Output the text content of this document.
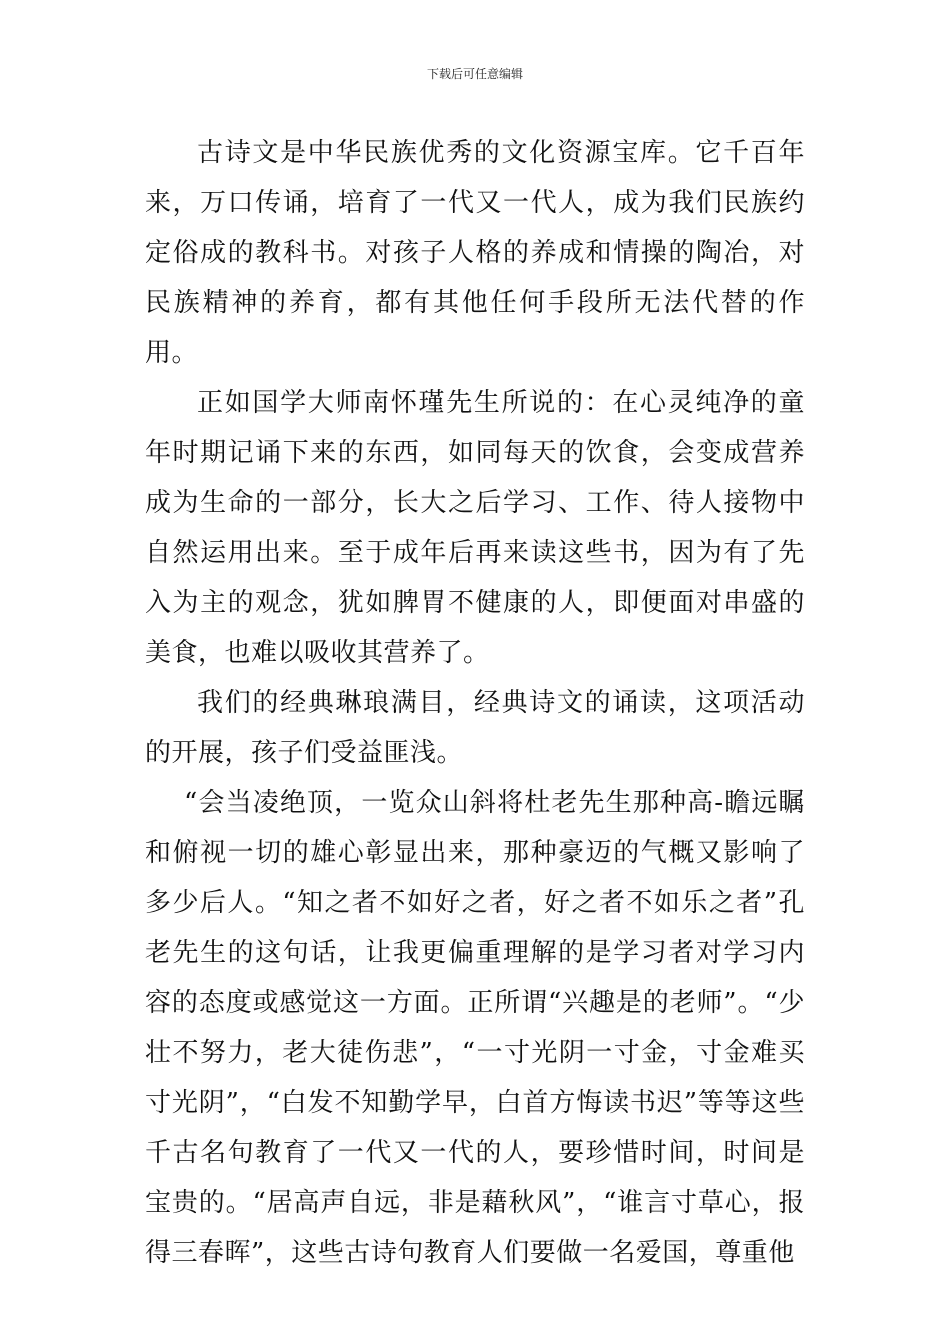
下载后可任意编辑

古诗文是中华民族优秀的文化资源宝库。它千百年来，万口传诵，培育了一代又一代人，成为我们民族约定俗成的教科书。对孩子人格的养成和情操的陶冶，对民族精神的养育，都有其他任何手段所无法代替的作用。

正如国学大师南怀瑾先生所说的：在心灵纯净的童年时期记诵下来的东西，如同每天的饮食，会变成营养成为生命的一部分，长大之后学习、工作、待人接物中自然运用出来。至于成年后再来读这些书，因为有了先入为主的观念，犹如脾胃不健康的人，即便面对串盛的美食，也难以吸收其营养了。

我们的经典琳琅满目，经典诗文的诵读，这项活动的开展，孩子们受益匪浅。

“会当凌绝顶，一览众山斜将杜老先生那种高-瞻远瞩和俯视一切的雄心彰显出来，那种豪迈的气概又影响了多少后人。“知之者不如好之者，好之者不如乐之者”孔老先生的这句话，让我更偏重理解的是学习者对学习内容的态度或感觉这一方面。正所谓“兴趣是的老师”。“少壮不努力，老大徒伤悲”，“一寸光阴一寸金，寸金难买寸光阴”，“白发不知勤学早，白首方悔读书迟”等等这些千古名句教育了一代又一代的人，要珍惜时间，时间是宝贵的。“居高声自远，非是藉秋风”，“谁言寸草心，报得三春晖”，这些古诗句教育人们要做一名爱国，尊重他
